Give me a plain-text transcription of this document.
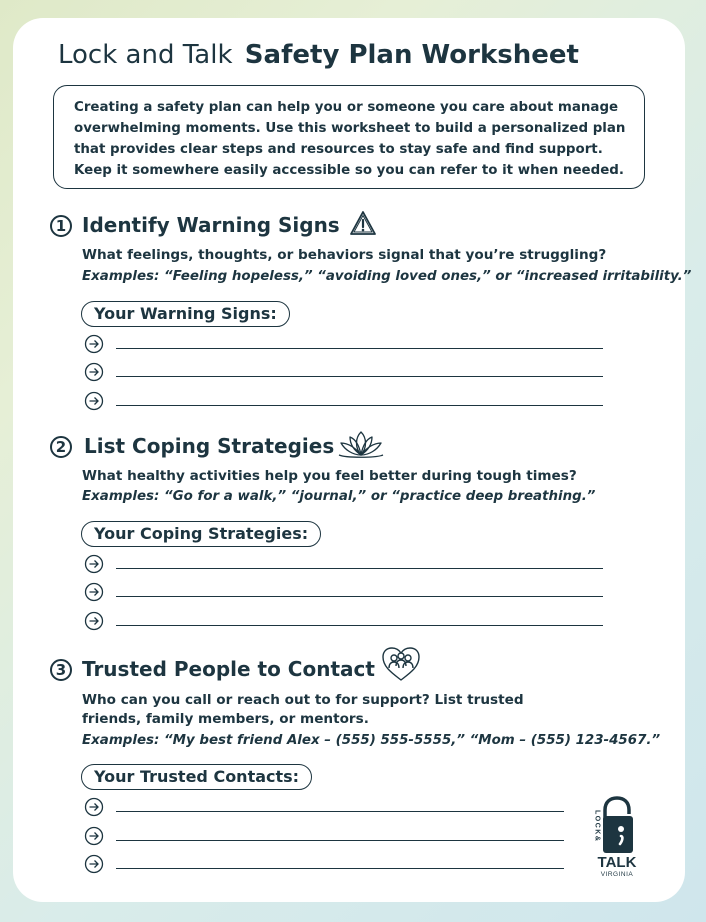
Lock and Talk Safety Plan Worksheet
Creating a safety plan can help you or someone you care about manage overwhelming moments. Use this worksheet to build a personalized plan that provides clear steps and resources to stay safe and find support. Keep it somewhere easily accessible so you can refer to it when needed.
1 Identify Warning Signs
What feelings, thoughts, or behaviors signal that you’re struggling?
Examples: “Feeling hopeless,” “avoiding loved ones,” or “increased irritability.”
Your Warning Signs:
2 List Coping Strategies
What healthy activities help you feel better during tough times?
Examples: “Go for a walk,” “journal,” or “practice deep breathing.”
Your Coping Strategies:
3 Trusted People to Contact
Who can you call or reach out to for support? List trusted friends, family members, or mentors.
Examples: “My best friend Alex – (555) 555-5555,” “Mom – (555) 123-4567.”
Your Trusted Contacts:
LOCK&
TALK
VIRGINIA
